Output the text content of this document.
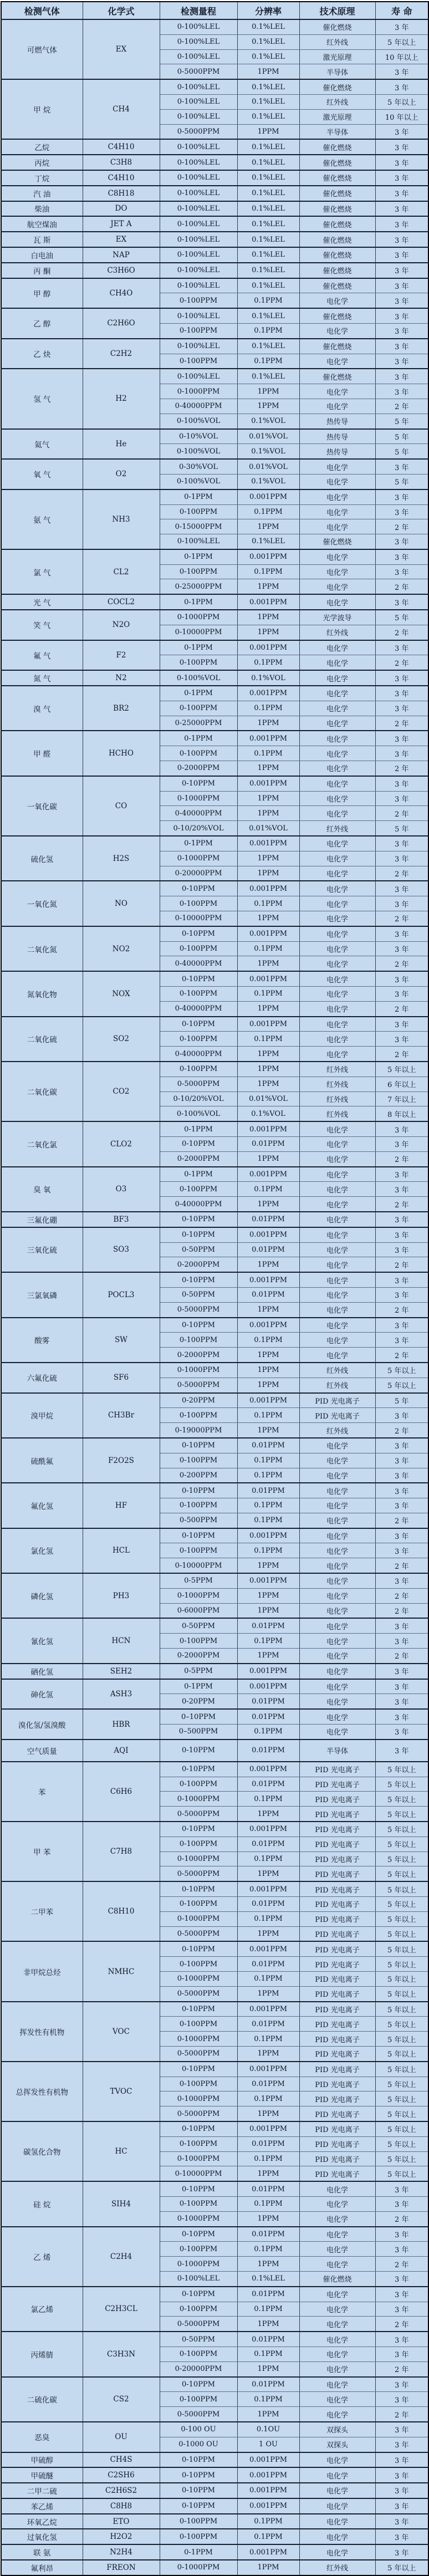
检测气体	化学式	检测量程	分辨率	技术原理	寿 命
可燃气体	EX	0-100%LEL	0.1%LEL	催化燃烧	3 年
		0-100%LEL	0.1%LEL	红外线	5 年以上
		0-100%LEL	0.1%LEL	激光原理	10 年以上
		0-5000PPM	1PPM	半导体	3 年
甲 烷	CH4	0-100%LEL	0.1%LEL	催化燃烧	3 年
		0-100%LEL	0.1%LEL	红外线	5 年以上
		0-100%LEL	0.1%LEL	激光原理	10 年以上
		0-5000PPM	1PPM	半导体	3 年
乙烷	C4H10	0-100%LEL	0.1%LEL	催化燃烧	3 年
丙烷	C3H8	0-100%LEL	0.1%LEL	催化燃烧	3 年
丁烷	C4H10	0-100%LEL	0.1%LEL	催化燃烧	3 年
汽 油	C8H18	0-100%LEL	0.1%LEL	催化燃烧	3 年
柴油	DO	0-100%LEL	0.1%LEL	催化燃烧	3 年
航空煤油	JET A	0-100%LEL	0.1%LEL	催化燃烧	3 年
瓦 斯	EX	0-100%LEL	0.1%LEL	催化燃烧	3 年
白电油	NAP	0-100%LEL	0.1%LEL	催化燃烧	3 年
丙 酮	C3H6O	0-100%LEL	0.1%LEL	催化燃烧	3 年
甲 醇	CH4O	0-100%LEL	0.1%LEL	催化燃烧	3 年
		0-100PPM	0.1PPM	电化学	3 年
乙 醇	C2H6O	0-100%LEL	0.1%LEL	催化燃烧	3 年
		0-100PPM	0.1PPM	电化学	3 年
乙 炔	C2H2	0-100%LEL	0.1%LEL	催化燃烧	3 年
		0-100PPM	0.1PPM	电化学	3 年
氢 气	H2	0-100%LEL	0.1%LEL	催化燃烧	3 年
		0-1000PPM	1PPM	电化学	3 年
		0-40000PPM	1PPM	电化学	2 年
		0-100%VOL	0.1%VOL	热传导	5 年
氦气	He	0-10%VOL	0.01%VOL	热传导	5 年
		0-100%VOL	0.1%VOL	热传导	5 年
氧 气	O2	0-30%VOL	0.01%VOL	电化学	3 年
		0-100%VOL	0.1%VOL	电化学	5 年
氨 气	NH3	0-1PPM	0.001PPM	电化学	3 年
		0-100PPM	0.1PPM	电化学	3 年
		0-15000PPM	1PPM	电化学	2 年
		0-100%LEL	0.1%LEL	催化燃烧	3 年
氯 气	CL2	0-1PPM	0.001PPM	电化学	3 年
		0-100PPM	0.1PPM	电化学	3 年
		0-25000PPM	1PPM	电化学	2 年
光 气	COCL2	0-1PPM	0.001PPM	电化学	3 年
笑 气	N2O	0-1000PPM	1PPM	光学波导	5 年
		0-10000PPM	1PPM	红外线	2 年
氟 气	F2	0-1PPM	0.001PPM	电化学	3 年
		0-100PPM	0.1PPM	电化学	2 年
氮 气	N2	0-100%VOL	0.1%VOL	电化学	3 年
溴 气	BR2	0-1PPM	0.001PPM	电化学	3 年
		0-100PPM	0.1PPM	电化学	3 年
		0-25000PPM	1PPM	电化学	2 年
甲 醛	HCHO	0-1PPM	0.001PPM	电化学	3 年
		0-100PPM	0.1PPM	电化学	3 年
		0-2000PPM	1PPM	电化学	2 年
一氧化碳	CO	0-10PPM	0.001PPM	电化学	3 年
		0-1000PPM	1PPM	电化学	3 年
		0-40000PPM	1PPM	电化学	2 年
		0-10/20%VOL	0.01%VOL	红外线	5 年
硫化氢	H2S	0-1PPM	0.001PPM	电化学	3 年
		0-1000PPM	1PPM	电化学	3 年
		0-20000PPM	1PPM	电化学	2 年
一氧化氮	NO	0-10PPM	0.001PPM	电化学	3 年
		0-100PPM	0.1PPM	电化学	3 年
		0-10000PPM	1PPM	电化学	2 年
二氧化氮	NO2	0-10PPM	0.001PPM	电化学	3 年
		0-100PPM	0.1PPM	电化学	3 年
		0-40000PPM	1PPM	电化学	2 年
氮氧化物	NOX	0-10PPM	0.001PPM	电化学	3 年
		0-100PPM	0.1PPM	电化学	3 年
		0-40000PPM	1PPM	电化学	2 年
二氧化硫	SO2	0-10PPM	0.001PPM	电化学	3 年
		0-100PPM	0.1PPM	电化学	3 年
		0-40000PPM	1PPM	电化学	2 年
二氧化碳	CO2	0-100PPM	1PPM	红外线	5 年以上
		0-5000PPM	1PPM	红外线	6 年以上
		0-10/20%VOL	0.01%VOL	红外线	7 年以上
		0-100%VOL	0.1%VOL	红外线	8 年以上
二氧化氯	CLO2	0-1PPM	0.001PPM	电化学	3 年
		0-10PPM	0.01PPM	电化学	3 年
		0-2000PPM	1PPM	电化学	2 年
臭 氧	O3	0-1PPM	0.001PPM	电化学	3 年
		0-100PPM	0.1PPM	电化学	3 年
		0-40000PPM	1PPM	电化学	2 年
三氟化硼	BF3	0-10PPM	0.01PPM	电化学	3 年
三氧化硫	SO3	0-10PPM	0.001PPM	电化学	3 年
		0-50PPM	0.01PPM	电化学	3 年
		0-2000PPM	1PPM	电化学	2 年
三氯氧磷	POCL3	0-10PPM	0.001PPM	电化学	3 年
		0-50PPM	0.01PPM	电化学	3 年
		0-5000PPM	1PPM	电化学	2 年
酸雾	SW	0-10PPM	0.001PPM	电化学	3 年
		0-100PPM	0.1PPM	电化学	3 年
		0-2000PPM	1PPM	电化学	2 年
六氟化硫	SF6	0-1000PPM	1PPM	红外线	5 年以上
		0-5000PPM	1PPM	红外线	5 年以上
溴甲烷	CH3Br	0-20PPM	0.001PPM	PID 光电离子	5 年
		0-100PPM	0.1PPM	PID 光电离子	3 年
		0-19000PPM	1PPM	红外线	2 年
硫酰氟	F2O2S	0-10PPM	0.01PPM	电化学	3 年
		0-100PPM	0.1PPM	电化学	3 年
		0-200PPM	0.1PPM	电化学	3 年
氟化氢	HF	0-10PPM	0.01PPM	电化学	3 年
		0-100PPM	0.1PPM	电化学	3 年
		0-500PPM	0.1PPM	电化学	2 年
氯化氢	HCL	0-10PPM	0.001PPM	电化学	3 年
		0-100PPM	0.1PPM	电化学	3 年
		0-10000PPM	1PPM	电化学	2 年
磷化氢	PH3	0-5PPM	0.001PPM	电化学	3 年
		0-1000PPM	1PPM	电化学	2 年
		0-6000PPM	1PPM	电化学	2 年
氰化氢	HCN	0-50PPM	0.01PPM	电化学	3 年
		0-100PPM	0.1PPM	电化学	3 年
		0-2000PPM	1PPM	电化学	2 年
硒化氢	SEH2	0-5PPM	0.001PPM	电化学	3 年
砷化氢	ASH3	0-1PPM	0.001PPM	电化学	3 年
		0-20PPM	0.01PPM	电化学	3 年
溴化氢/氢溴酸	HBR	0–10PPM	0.01PPM	电化学	3 年
		0–500PPM	0.1PPM	电化学	3 年
空气质量	AQI	0-10PPM	0.01PPM	半导体	3 年
苯	C6H6	0-10PPM	0.001PPM	PID 光电离子	5 年以上
		0-100PPM	0.01PPM	PID 光电离子	5 年以上
		0-1000PPM	0.1PPM	PID 光电离子	5 年以上
		0-5000PPM	1PPM	PID 光电离子	5 年以上
甲 苯	C7H8	0-10PPM	0.001PPM	PID 光电离子	5 年以上
		0-100PPM	0.01PPM	PID 光电离子	5 年以上
		0-1000PPM	0.1PPM	PID 光电离子	5 年以上
		0-5000PPM	1PPM	PID 光电离子	5 年以上
二甲苯	C8H10	0-10PPM	0.001PPM	PID 光电离子	5 年以上
		0-100PPM	0.01PPM	PID 光电离子	5 年以上
		0-1000PPM	0.1PPM	PID 光电离子	5 年以上
		0-5000PPM	1PPM	PID 光电离子	5 年以上
非甲烷总烃	NMHC	0-10PPM	0.001PPM	PID 光电离子	5 年以上
		0-100PPM	0.01PPM	PID 光电离子	5 年以上
		0-1000PPM	0.1PPM	PID 光电离子	5 年以上
		0-5000PPM	1PPM	PID 光电离子	5 年以上
挥发性有机物	VOC	0-10PPM	0.001PPM	PID 光电离子	5 年以上
		0-100PPM	0.01PPM	PID 光电离子	5 年以上
		0-1000PPM	0.1PPM	PID 光电离子	5 年以上
		0-5000PPM	1PPM	PID 光电离子	5 年以上
总挥发性有机物	TVOC	0-10PPM	0.001PPM	PID 光电离子	5 年以上
		0-100PPM	0.01PPM	PID 光电离子	5 年以上
		0-1000PPM	0.1PPM	PID 光电离子	5 年以上
		0-5000PPM	1PPM	PID 光电离子	5 年以上
碳氢化合物	HC	0-10PPM	0.001PPM	PID 光电离子	5 年以上
		0-100PPM	0.01PPM	PID 光电离子	5 年以上
		0-1000PPM	0.1PPM	PID 光电离子	5 年以上
		0-10000PPM	1PPM	PID 光电离子	5 年以上
硅 烷	SIH4	0-10PPM	0.01PPM	电化学	3 年
		0-100PPM	0.1PPM	电化学	3 年
		0-1000PPM	1PPM	电化学	2 年
乙 烯	C2H4	0-10PPM	0.01PPM	电化学	3 年
		0-100PPM	0.1PPM	电化学	3 年
		0-1000PPM	1PPM	电化学	2 年
		0-100%LEL	0.1%LEL	催化燃烧	3 年
氯乙烯	C2H3CL	0-10PPM	0.01PPM	电化学	3 年
		0-100PPM	0.1PPM	电化学	3 年
		0-5000PPM	1PPM	电化学	2 年
丙烯腈	C3H3N	0-50PPM	0.01PPM	电化学	3 年
		0-100PPM	0.1PPM	电化学	3 年
		0-20000PPM	1PPM	电化学	2 年
二硫化碳	CS2	0-10PPM	0.01PPM	电化学	3 年
		0-100PPM	0.1PPM	电化学	3 年
		0-5000PPM	1PPM	电化学	2 年
恶臭	OU	0-100 OU	0.1OU	双探头	3 年
		0-1000 OU	1 OU	双探头	3 年
甲硫醇	CH4S	0-10PPM	0.001PPM	电化学	3 年
甲硫醚	C2SH6	0-10PPM	0.001PPM	电化学	3 年
二甲二硫	C2H6S2	0-10PPM	0.001PPM	电化学	3 年
苯乙烯	C8H8	0-10PPM	0.001PPM	电化学	3 年
环氧乙烷	ETO	0-100PPM	0.1PPM	电化学	3 年
过氧化氢	H2O2	0-100PPM	0.1PPM	电化学	3 年
联 氨	N2H4	0-1PPM	0.001PPM	电化学	3 年
氟利昂	FREON	0-1000PPM	1PPM	红外线	5 年以上
